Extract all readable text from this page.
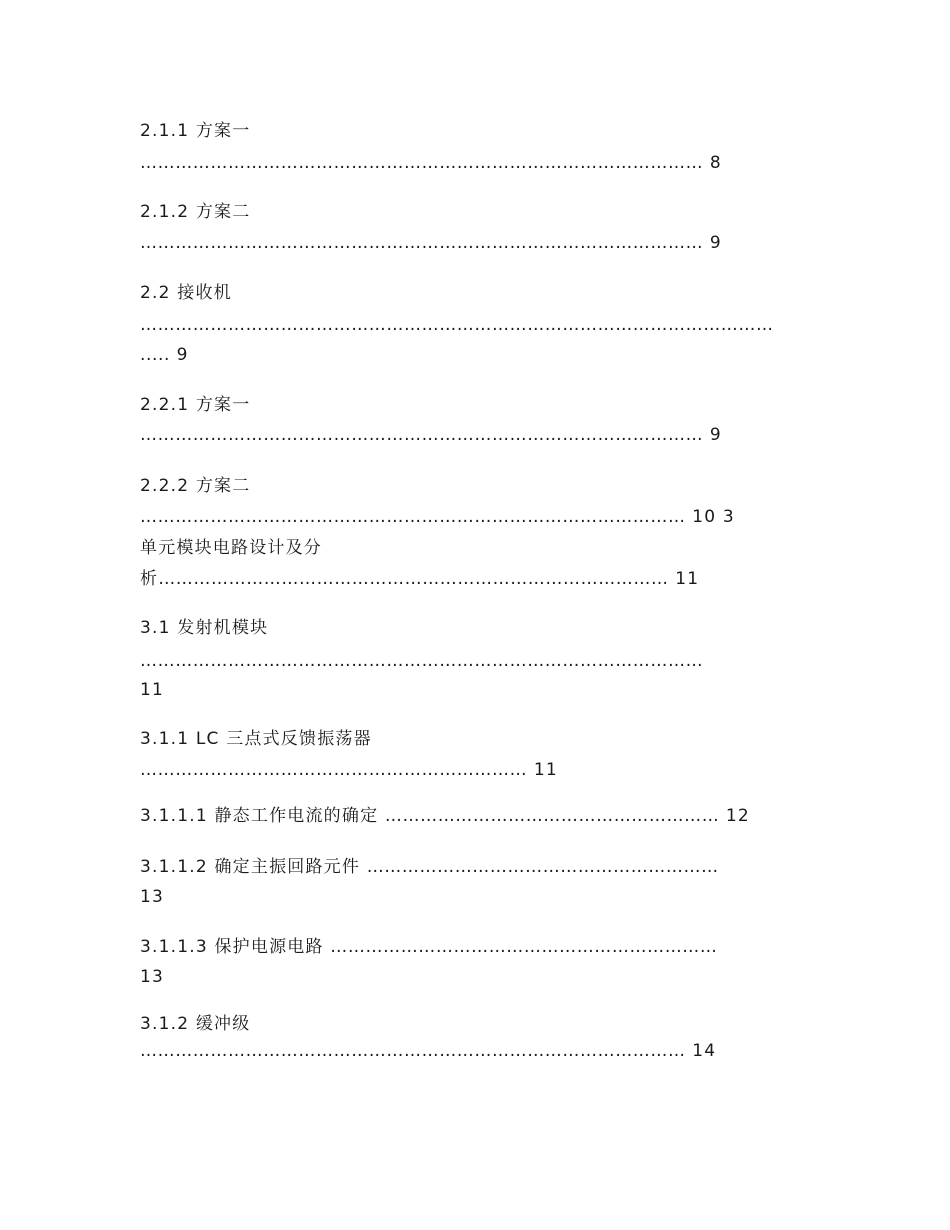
2.1.1 方案一
…………………………………………………………………………………… 8
2.1.2 方案二
…………………………………………………………………………………… 9
2.2 接收机
………………………………………………………………………………………………
..... 9
2.2.1 方案一
…………………………………………………………………………………… 9
2.2.2 方案二
………………………………………………………………………………… 10 3
单元模块电路设计及分
析…………………………………………………………………………… 11
3.1 发射机模块
……………………………………………………………………………………
11
3.1.1 LC 三点式反馈振荡器
………………………………………………………… 11
3.1.1.1 静态工作电流的确定 ………………………………………………… 12
3.1.1.2 确定主振回路元件 ……………………………………………………
13
3.1.1.3 保护电源电路 …………………………………………………………
13
3.1.2 缓冲级
………………………………………………………………………………… 14
